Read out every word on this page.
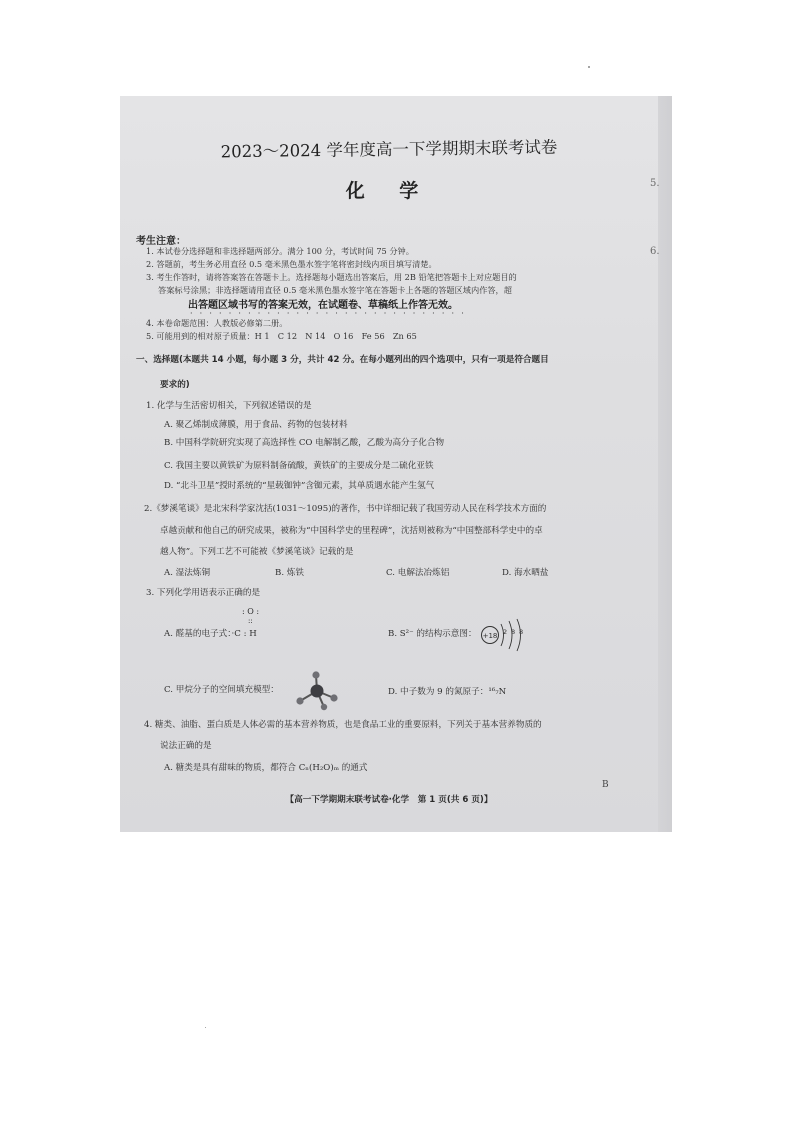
5.
6.
2023～2024 学年度高一下学期期末联考试卷
化 学
考生注意：
1. 本试卷分选择题和非选择题两部分。满分 100 分，考试时间 75 分钟。
2. 答题前，考生务必用直径 0.5 毫米黑色墨水签字笔将密封线内项目填写清楚。
3. 考生作答时，请将答案答在答题卡上。选择题每小题选出答案后，用 2B 铅笔把答题卡上对应题目的
答案标号涂黑；非选择题请用直径 0.5 毫米黑色墨水签字笔在答题卡上各题的答题区域内作答，超
出答题区域书写的答案无效，在试题卷、草稿纸上作答无效。
· · · · · · · · · · · · · · · · · · · · · · · · · · · · ·
4. 本卷命题范围：人教版必修第二册。
5. 可能用到的相对原子质量：H 1　C 12　N 14　O 16　Fe 56　Zn 65
一、选择题(本题共 14 小题，每小题 3 分，共计 42 分。在每小题列出的四个选项中，只有一项是符合题目
要求的)
1. 化学与生活密切相关，下列叙述错误的是
A. 聚乙烯制成薄膜，用于食品、药物的包装材料
B. 中国科学院研究实现了高选择性 CO 电解制乙酸，乙酸为高分子化合物
C. 我国主要以黄铁矿为原料制备硫酸，黄铁矿的主要成分是二硫化亚铁
D. “北斗卫星”授时系统的“星载铷钟”含铷元素，其单质遇水能产生氢气
2.《梦溪笔谈》是北宋科学家沈括(1031～1095)的著作，书中详细记载了我国劳动人民在科学技术方面的
卓越贡献和他自己的研究成果，被称为“中国科学史的里程碑”，沈括则被称为“中国整部科学史中的卓
越人物”。下列工艺不可能被《梦溪笔谈》记载的是
A. 湿法炼铜	B. 炼铁	C. 电解法冶炼铝	D. 海水晒盐
3. 下列化学用语表示正确的是
: O :
::
A. 醛基的电子式：·C : H	B. S²⁻ 的结构示意图： +18 2 8 8
C. 甲烷分子的空间填充模型：	D. 中子数为 9 的氮原子：¹⁶₇N
4. 糖类、油脂、蛋白质是人体必需的基本营养物质，也是食品工业的重要原料，下列关于基本营养物质的
说法正确的是
A. 糖类是具有甜味的物质，都符合 Cₙ(H₂O)ₘ 的通式
B
【高一下学期期末联考试卷·化学　第 1 页(共 6 页)】
